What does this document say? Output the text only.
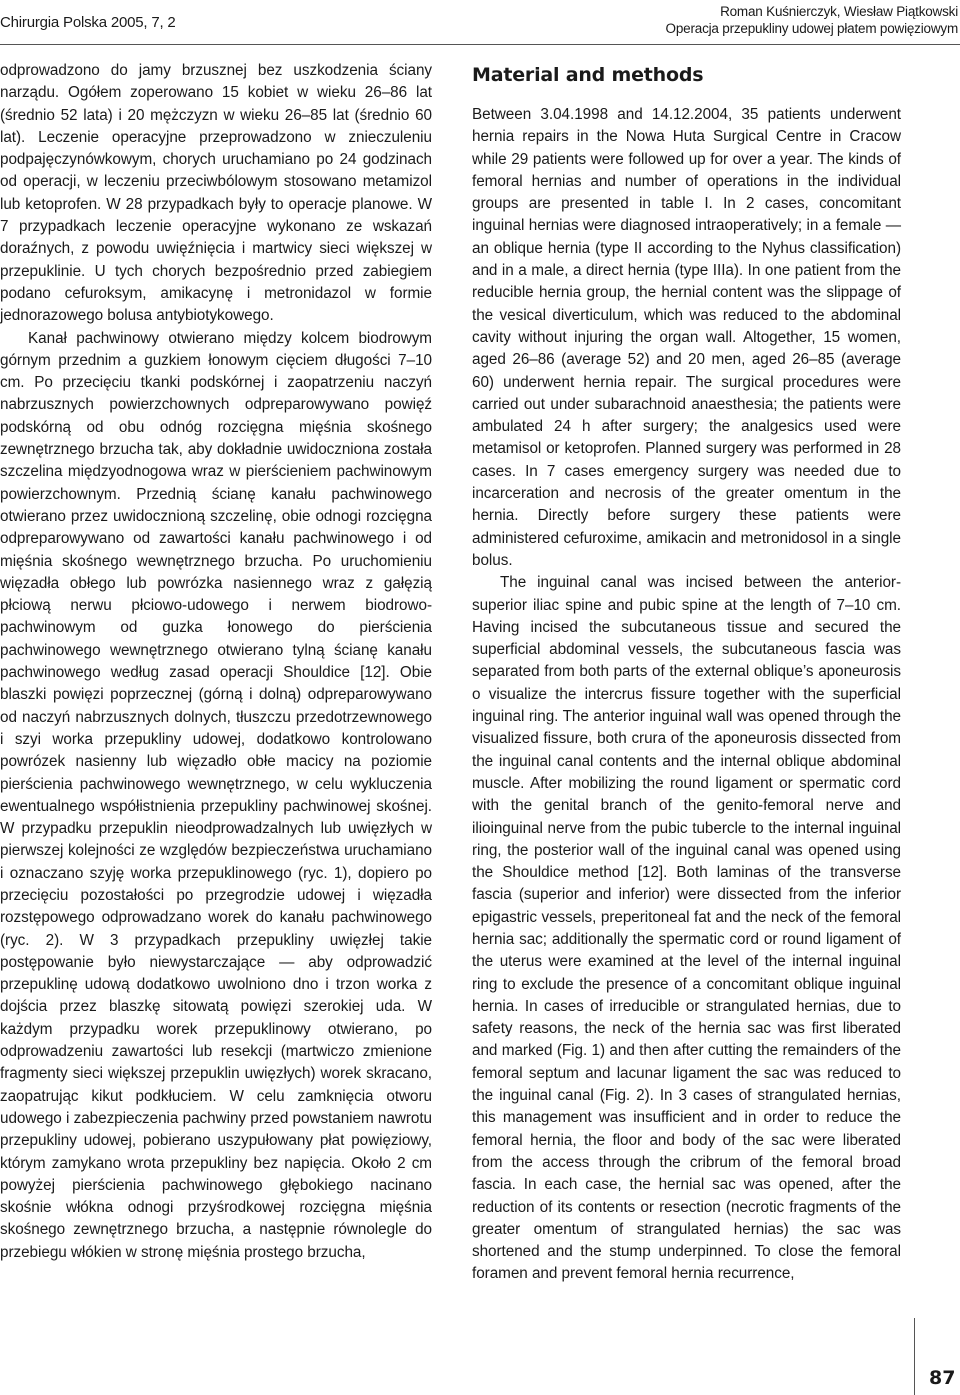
Chirurgia Polska 2005, 7, 2
Roman Kuśnierczyk, Wiesław Piątkowski
Operacja przepukliny udowej płatem powięziowym

odprowadzono do jamy brzusznej bez uszkodzenia ściany narządu. Ogółem zoperowano 15 kobiet w wieku 26–86 lat (średnio 52 lata) i 20 mężczyzn w wieku 26–85 lat (średnio 60 lat). Leczenie operacyjne przeprowadzono w znieczuleniu podpajęczynówkowym, chorych uruchamiano po 24 godzinach od operacji, w leczeniu przeciwbólowym stosowano metamizol lub ketoprofen. W 28 przypadkach były to operacje planowe. W 7 przypadkach leczenie operacyjne wykonano ze wskazań doraźnych, z powodu uwięźnięcia i martwicy sieci większej w przepuklinie. U tych chorych bezpośrednio przed zabiegiem podano cefuroksym, amikacynę i metronidazol w formie jednorazowego bolusa antybiotykowego.

Kanał pachwinowy otwierano między kolcem biodrowym górnym przednim a guzkiem łonowym cięciem długości 7–10 cm. Po przecięciu tkanki podskórnej i zaopatrzeniu naczyń nabrzusznych powierzchownych odpreparowywano powięź podskórną od obu odnóg rozcięgna mięśnia skośnego zewnętrznego brzucha tak, aby dokładnie uwidoczniona została szczelina międzyodnogowa wraz w pierścieniem pachwinowym powierzchownym. Przednią ścianę kanału pachwinowego otwierano przez uwidocznioną szczelinę, obie odnogi rozcięgna odpreparowywano od zawartości kanału pachwinowego i od mięśnia skośnego wewnętrznego brzucha. Po uruchomieniu więzadła obłego lub powrózka nasiennego wraz z gałęzią płciową nerwu płciowo-udowego i nerwem biodrowo-pachwinowym od guzka łonowego do pierścienia pachwinowego wewnętrznego otwierano tylną ścianę kanału pachwinowego według zasad operacji Shouldice [12]. Obie blaszki powięzi poprzecznej (górną i dolną) odpreparowywano od naczyń nabrzusznych dolnych, tłuszczu przedotrzewnowego i szyi worka przepukliny udowej, dodatkowo kontrolowano powrózek nasienny lub więzadło obłe macicy na poziomie pierścienia pachwinowego wewnętrznego, w celu wykluczenia ewentualnego współistnienia przepukliny pachwinowej skośnej. W przypadku przepuklin nieodprowadzalnych lub uwięzłych w pierwszej kolejności ze względów bezpieczeństwa uruchamiano i oznaczano szyję worka przepuklinowego (ryc. 1), dopiero po przecięciu pozostałości po przegrodzie udowej i więzadła rozstępowego odprowadzano worek do kanału pachwinowego (ryc. 2). W 3 przypadkach przepukliny uwięzłej takie postępowanie było niewystarczające — aby odprowadzić przepuklinę udową dodatkowo uwolniono dno i trzon worka z dojścia przez blaszkę sitowatą powięzi szerokiej uda. W każdym przypadku worek przepuklinowy otwierano, po odprowadzeniu zawartości lub resekcji (martwiczo zmienione fragmenty sieci większej przepuklin uwięzłych) worek skracano, zaopatrując kikut podkłuciem. W celu zamknięcia otworu udowego i zabezpieczenia pachwiny przed powstaniem nawrotu przepukliny udowej, pobierano uszypułowany płat powięziowy, którym zamykano wrota przepukliny bez napięcia. Około 2 cm powyżej pierścienia pachwinowego głębokiego nacinano skośnie włókna odnogi przyśrodkowej rozcięgna mięśnia skośnego zewnętrznego brzucha, a następnie równolegle do przebiegu włókien w stronę mięśnia prostego brzucha,

Material and methods

Between 3.04.1998 and 14.12.2004, 35 patients underwent hernia repairs in the Nowa Huta Surgical Centre in Cracow while 29 patients were followed up for over a year. The kinds of femoral hernias and number of operations in the individual groups are presented in table I. In 2 cases, concomitant inguinal hernias were diagnosed intraoperatively; in a female — an oblique hernia (type II according to the Nyhus classification) and in a male, a direct hernia (type IIIa). In one patient from the reducible hernia group, the hernial content was the slippage of the vesical diverticulum, which was reduced to the abdominal cavity without injuring the organ wall. Altogether, 15 women, aged 26–86 (average 52) and 20 men, aged 26–85 (average 60) underwent hernia repair. The surgical procedures were carried out under subarachnoid anaesthesia; the patients were ambulated 24 h after surgery; the analgesics used were metamisol or ketoprofen. Planned surgery was performed in 28 cases. In 7 cases emergency surgery was needed due to incarceration and necrosis of the greater omentum in the hernia. Directly before surgery these patients were administered cefuroxime, amikacin and metronidosol in a single bolus.

The inguinal canal was incised between the anterior-superior iliac spine and pubic spine at the length of 7–10 cm. Having incised the subcutaneous tissue and secured the superficial abdominal vessels, the subcutaneous fascia was separated from both parts of the external oblique’s aponeurosis o visualize the intercrus fissure together with the superficial inguinal ring. The anterior inguinal wall was opened through the visualized fissure, both crura of the aponeurosis dissected from the inguinal canal contents and the internal oblique abdominal muscle. After mobilizing the round ligament or spermatic cord with the genital branch of the genito-femoral nerve and ilioinguinal nerve from the pubic tubercle to the internal inguinal ring, the posterior wall of the inguinal canal was opened using the Shouldice method [12]. Both laminas of the transverse fascia (superior and inferior) were dissected from the inferior epigastric vessels, preperitoneal fat and the neck of the femoral hernia sac; additionally the spermatic cord or round ligament of the uterus were examined at the level of the internal inguinal ring to exclude the presence of a concomitant oblique inguinal hernia. In cases of irreducible or strangulated hernias, due to safety reasons, the neck of the hernia sac was first liberated and marked (Fig. 1) and then after cutting the remainders of the femoral septum and lacunar ligament the sac was reduced to the inguinal canal (Fig. 2). In 3 cases of strangulated hernias, this management was insufficient and in order to reduce the femoral hernia, the floor and body of the sac were liberated from the access through the cribrum of the femoral broad fascia. In each case, the hernial sac was opened, after the reduction of its contents or resection (necrotic fragments of the greater omentum of strangulated hernias) the sac was shortened and the stump underpinned. To close the femoral foramen and prevent femoral hernia recurrence,

87
